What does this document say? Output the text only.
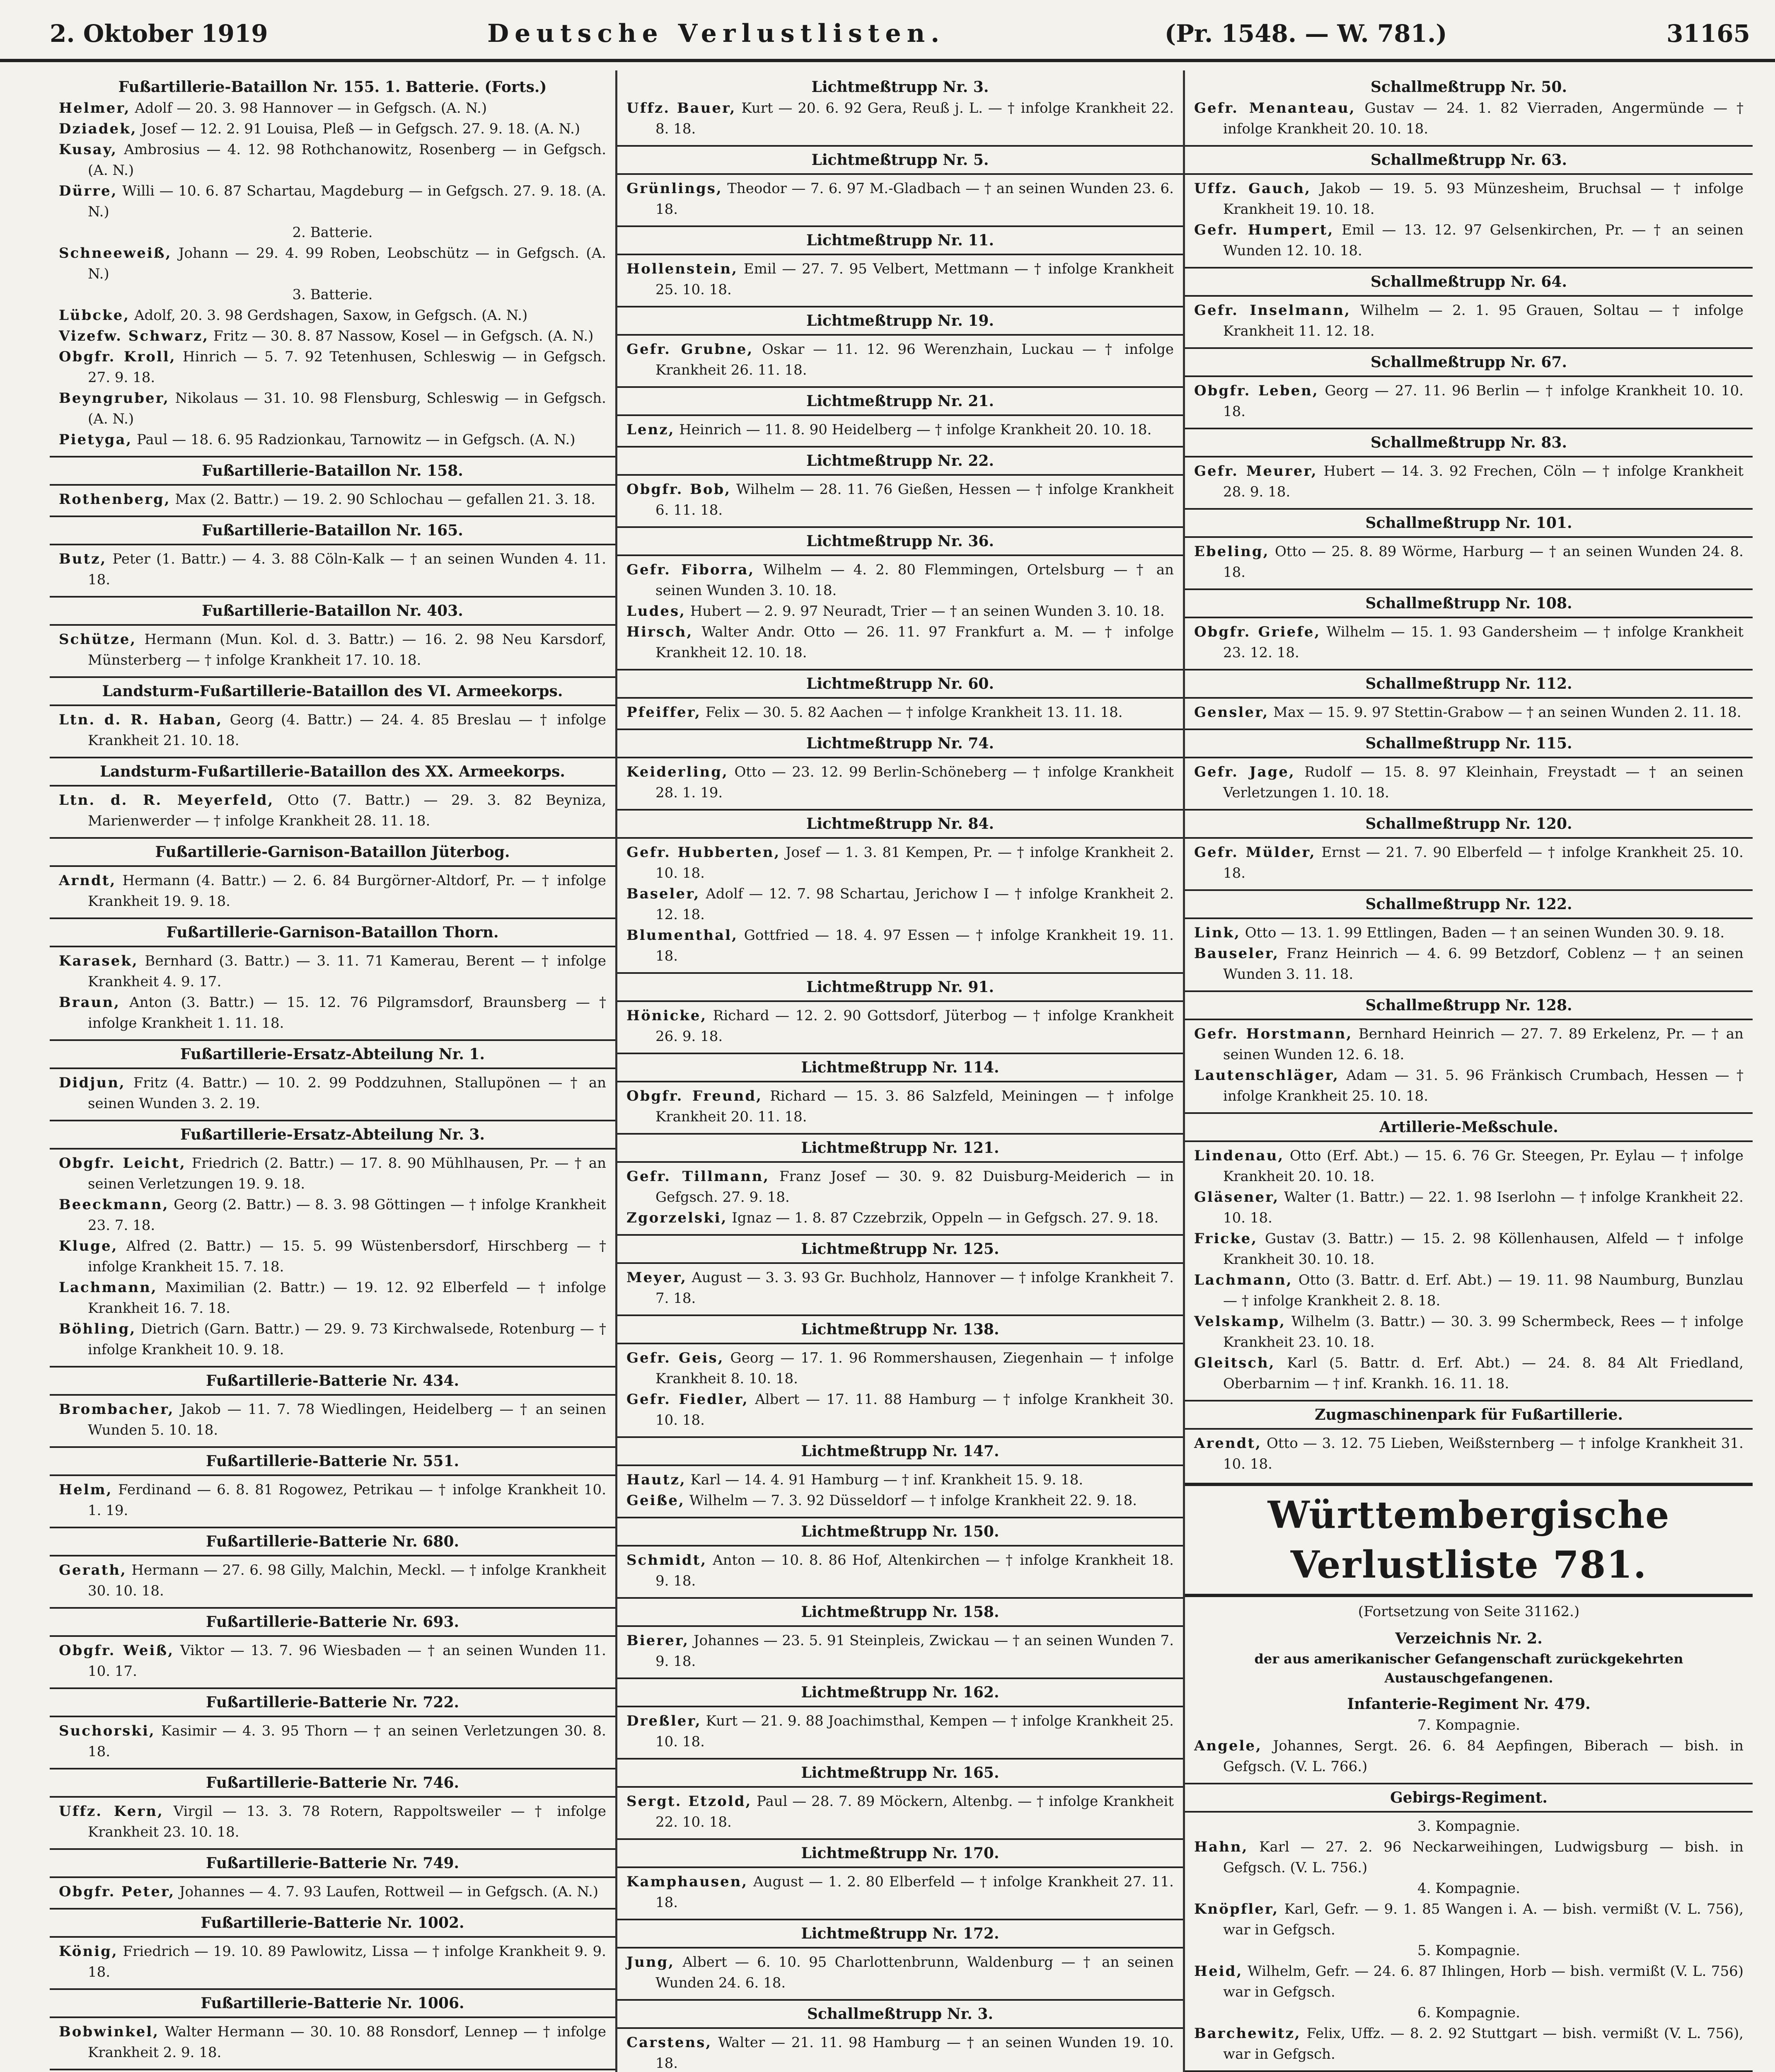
2. Oktober 1919	Deutsche Verlustlisten.	(Pr. 1548. — W. 781.)	31165
Fußartillerie-Bataillon Nr. 155. 1. Batterie. (Forts.)
Helmer, Adolf — 20. 3. 98 Hannover — in Gefgsch. (A. N.)
Dziadek, Josef — 12. 2. 91 Louisa, Pleß — in Gefgsch. 27. 9. 18. (A. N.)
Kusay, Ambrosius — 4. 12. 98 Rothchanowitz, Rosenberg — in Gefgsch. (A. N.)
Dürre, Willi — 10. 6. 87 Schartau, Magdeburg — in Gefgsch. 27. 9. 18. (A. N.)
2. Batterie.
Schneeweiß, Johann — 29. 4. 99 Roben, Leobschütz — in Gefgsch. (A. N.)
3. Batterie.
Lübcke, Adolf, 20. 3. 98 Gerdshagen, Saxow, in Gefgsch. (A. N.)
Vizefw. Schwarz, Fritz — 30. 8. 87 Nassow, Kosel — in Gefgsch. (A. N.)
Obgfr. Kroll, Hinrich — 5. 7. 92 Tetenhusen, Schleswig — in Gefgsch. 27. 9. 18.
Beyngruber, Nikolaus — 31. 10. 98 Flensburg, Schleswig — in Gefgsch. (A. N.)
Pietyga, Paul — 18. 6. 95 Radzionkau, Tarnowitz — in Gefgsch. (A. N.)
Fußartillerie-Bataillon Nr. 158.
Rothenberg, Max (2. Battr.) — 19. 2. 90 Schlochau — gefallen 21. 3. 18.
Fußartillerie-Bataillon Nr. 165.
Butz, Peter (1. Battr.) — 4. 3. 88 Cöln-Kalk — † an seinen Wunden 4. 11. 18.
Fußartillerie-Bataillon Nr. 403.
Schütze, Hermann (Mun. Kol. d. 3. Battr.) — 16. 2. 98 Neu Karsdorf, Münsterberg — † infolge Krankheit 17. 10. 18.
Landsturm-Fußartillerie-Bataillon des VI. Armeekorps.
Ltn. d. R. Haban, Georg (4. Battr.) — 24. 4. 85 Breslau — † infolge Krankheit 21. 10. 18.
Landsturm-Fußartillerie-Bataillon des XX. Armeekorps.
Ltn. d. R. Meyerfeld, Otto (7. Battr.) — 29. 3. 82 Beyniza, Marienwerder — † infolge Krankheit 28. 11. 18.
Fußartillerie-Garnison-Bataillon Jüterbog.
Arndt, Hermann (4. Battr.) — 2. 6. 84 Burgörner-Altdorf, Pr. — † infolge Krankheit 19. 9. 18.
Fußartillerie-Garnison-Bataillon Thorn.
Karasek, Bernhard (3. Battr.) — 3. 11. 71 Kamerau, Berent — † infolge Krankheit 4. 9. 17.
Braun, Anton (3. Battr.) — 15. 12. 76 Pilgramsdorf, Braunsberg — † infolge Krankheit 1. 11. 18.
Fußartillerie-Ersatz-Abteilung Nr. 1.
Didjun, Fritz (4. Battr.) — 10. 2. 99 Poddzuhnen, Stallupönen — † an seinen Wunden 3. 2. 19.
Fußartillerie-Ersatz-Abteilung Nr. 3.
Obgfr. Leicht, Friedrich (2. Battr.) — 17. 8. 90 Mühlhausen, Pr. — † an seinen Verletzungen 19. 9. 18.
Beeckmann, Georg (2. Battr.) — 8. 3. 98 Göttingen — † infolge Krankheit 23. 7. 18.
Kluge, Alfred (2. Battr.) — 15. 5. 99 Wüstenbersdorf, Hirschberg — † infolge Krankheit 15. 7. 18.
Lachmann, Maximilian (2. Battr.) — 19. 12. 92 Elberfeld — † infolge Krankheit 16. 7. 18.
Böhling, Dietrich (Garn. Battr.) — 29. 9. 73 Kirchwalsede, Rotenburg — † infolge Krankheit 10. 9. 18.
Fußartillerie-Batterie Nr. 434.
Brombacher, Jakob — 11. 7. 78 Wiedlingen, Heidelberg — † an seinen Wunden 5. 10. 18.
Fußartillerie-Batterie Nr. 551.
Helm, Ferdinand — 6. 8. 81 Rogowez, Petrikau — † infolge Krankheit 10. 1. 19.
Fußartillerie-Batterie Nr. 680.
Gerath, Hermann — 27. 6. 98 Gilly, Malchin, Meckl. — † infolge Krankheit 30. 10. 18.
Fußartillerie-Batterie Nr. 693.
Obgfr. Weiß, Viktor — 13. 7. 96 Wiesbaden — † an seinen Wunden 11. 10. 17.
Fußartillerie-Batterie Nr. 722.
Suchorski, Kasimir — 4. 3. 95 Thorn — † an seinen Verletzungen 30. 8. 18.
Fußartillerie-Batterie Nr. 746.
Uffz. Kern, Virgil — 13. 3. 78 Rotern, Rappoltsweiler — † infolge Krankheit 23. 10. 18.
Fußartillerie-Batterie Nr. 749.
Obgfr. Peter, Johannes — 4. 7. 93 Laufen, Rottweil — in Gefgsch. (A. N.)
Fußartillerie-Batterie Nr. 1002.
König, Friedrich — 19. 10. 89 Pawlowitz, Lissa — † infolge Krankheit 9. 9. 18.
Fußartillerie-Batterie Nr. 1006.
Bobwinkel, Walter Hermann — 30. 10. 88 Ronsdorf, Lennep — † infolge Krankheit 2. 9. 18.
Lichtmeßtrupp Nr. 3.
Uffz. Bauer, Kurt — 20. 6. 92 Gera, Reuß j. L. — † infolge Krankheit 22. 8. 18.
Lichtmeßtrupp Nr. 5.
Grünlings, Theodor — 7. 6. 97 M.-Gladbach — † an seinen Wunden 23. 6. 18.
Lichtmeßtrupp Nr. 11.
Hollenstein, Emil — 27. 7. 95 Velbert, Mettmann — † infolge Krankheit 25. 10. 18.
Lichtmeßtrupp Nr. 19.
Gefr. Grubne, Oskar — 11. 12. 96 Werenzhain, Luckau — † infolge Krankheit 26. 11. 18.
Lichtmeßtrupp Nr. 21.
Lenz, Heinrich — 11. 8. 90 Heidelberg — † infolge Krankheit 20. 10. 18.
Lichtmeßtrupp Nr. 22.
Obgfr. Bob, Wilhelm — 28. 11. 76 Gießen, Hessen — † infolge Krankheit 6. 11. 18.
Lichtmeßtrupp Nr. 36.
Gefr. Fiborra, Wilhelm — 4. 2. 80 Flemmingen, Ortelsburg — † an seinen Wunden 3. 10. 18.
Ludes, Hubert — 2. 9. 97 Neuradt, Trier — † an seinen Wunden 3. 10. 18.
Hirsch, Walter Andr. Otto — 26. 11. 97 Frankfurt a. M. — † infolge Krankheit 12. 10. 18.
Lichtmeßtrupp Nr. 60.
Pfeiffer, Felix — 30. 5. 82 Aachen — † infolge Krankheit 13. 11. 18.
Lichtmeßtrupp Nr. 74.
Keiderling, Otto — 23. 12. 99 Berlin-Schöneberg — † infolge Krankheit 28. 1. 19.
Lichtmeßtrupp Nr. 84.
Gefr. Hubberten, Josef — 1. 3. 81 Kempen, Pr. — † infolge Krankheit 2. 10. 18.
Baseler, Adolf — 12. 7. 98 Schartau, Jerichow I — † infolge Krankheit 2. 12. 18.
Blumenthal, Gottfried — 18. 4. 97 Essen — † infolge Krankheit 19. 11. 18.
Lichtmeßtrupp Nr. 91.
Hönicke, Richard — 12. 2. 90 Gottsdorf, Jüterbog — † infolge Krankheit 26. 9. 18.
Lichtmeßtrupp Nr. 114.
Obgfr. Freund, Richard — 15. 3. 86 Salzfeld, Meiningen — † infolge Krankheit 20. 11. 18.
Lichtmeßtrupp Nr. 121.
Gefr. Tillmann, Franz Josef — 30. 9. 82 Duisburg-Meiderich — in Gefgsch. 27. 9. 18.
Zgorzelski, Ignaz — 1. 8. 87 Czzebrzik, Oppeln — in Gefgsch. 27. 9. 18.
Lichtmeßtrupp Nr. 125.
Meyer, August — 3. 3. 93 Gr. Buchholz, Hannover — † infolge Krankheit 7. 7. 18.
Lichtmeßtrupp Nr. 138.
Gefr. Geis, Georg — 17. 1. 96 Rommershausen, Ziegenhain — † infolge Krankheit 8. 10. 18.
Gefr. Fiedler, Albert — 17. 11. 88 Hamburg — † infolge Krankheit 30. 10. 18.
Lichtmeßtrupp Nr. 147.
Hautz, Karl — 14. 4. 91 Hamburg — † inf. Krankheit 15. 9. 18.
Geiße, Wilhelm — 7. 3. 92 Düsseldorf — † infolge Krankheit 22. 9. 18.
Lichtmeßtrupp Nr. 150.
Schmidt, Anton — 10. 8. 86 Hof, Altenkirchen — † infolge Krankheit 18. 9. 18.
Lichtmeßtrupp Nr. 158.
Bierer, Johannes — 23. 5. 91 Steinpleis, Zwickau — † an seinen Wunden 7. 9. 18.
Lichtmeßtrupp Nr. 162.
Dreßler, Kurt — 21. 9. 88 Joachimsthal, Kempen — † infolge Krankheit 25. 10. 18.
Lichtmeßtrupp Nr. 165.
Sergt. Etzold, Paul — 28. 7. 89 Möckern, Altenbg. — † infolge Krankheit 22. 10. 18.
Lichtmeßtrupp Nr. 170.
Kamphausen, August — 1. 2. 80 Elberfeld — † infolge Krankheit 27. 11. 18.
Lichtmeßtrupp Nr. 172.
Jung, Albert — 6. 10. 95 Charlottenbrunn, Waldenburg — † an seinen Wunden 24. 6. 18.
Schallmeßtrupp Nr. 3.
Carstens, Walter — 21. 11. 98 Hamburg — † an seinen Wunden 19. 10. 18.
Schallmeßtrupp Nr. 50.
Gefr. Menanteau, Gustav — 24. 1. 82 Vierraden, Angermünde — † infolge Krankheit 20. 10. 18.
Schallmeßtrupp Nr. 63.
Uffz. Gauch, Jakob — 19. 5. 93 Münzesheim, Bruchsal — † infolge Krankheit 19. 10. 18.
Gefr. Humpert, Emil — 13. 12. 97 Gelsenkirchen, Pr. — † an seinen Wunden 12. 10. 18.
Schallmeßtrupp Nr. 64.
Gefr. Inselmann, Wilhelm — 2. 1. 95 Grauen, Soltau — † infolge Krankheit 11. 12. 18.
Schallmeßtrupp Nr. 67.
Obgfr. Leben, Georg — 27. 11. 96 Berlin — † infolge Krankheit 10. 10. 18.
Schallmeßtrupp Nr. 83.
Gefr. Meurer, Hubert — 14. 3. 92 Frechen, Cöln — † infolge Krankheit 28. 9. 18.
Schallmeßtrupp Nr. 101.
Ebeling, Otto — 25. 8. 89 Wörme, Harburg — † an seinen Wunden 24. 8. 18.
Schallmeßtrupp Nr. 108.
Obgfr. Griefe, Wilhelm — 15. 1. 93 Gandersheim — † infolge Krankheit 23. 12. 18.
Schallmeßtrupp Nr. 112.
Gensler, Max — 15. 9. 97 Stettin-Grabow — † an seinen Wunden 2. 11. 18.
Schallmeßtrupp Nr. 115.
Gefr. Jage, Rudolf — 15. 8. 97 Kleinhain, Freystadt — † an seinen Verletzungen 1. 10. 18.
Schallmeßtrupp Nr. 120.
Gefr. Mülder, Ernst — 21. 7. 90 Elberfeld — † infolge Krankheit 25. 10. 18.
Schallmeßtrupp Nr. 122.
Link, Otto — 13. 1. 99 Ettlingen, Baden — † an seinen Wunden 30. 9. 18.
Bauseler, Franz Heinrich — 4. 6. 99 Betzdorf, Coblenz — † an seinen Wunden 3. 11. 18.
Schallmeßtrupp Nr. 128.
Gefr. Horstmann, Bernhard Heinrich — 27. 7. 89 Erkelenz, Pr. — † an seinen Wunden 12. 6. 18.
Lautenschläger, Adam — 31. 5. 96 Fränkisch Crumbach, Hessen — † infolge Krankheit 25. 10. 18.
Artillerie-Meßschule.
Lindenau, Otto (Erf. Abt.) — 15. 6. 76 Gr. Steegen, Pr. Eylau — † infolge Krankheit 20. 10. 18.
Gläsener, Walter (1. Battr.) — 22. 1. 98 Iserlohn — † infolge Krankheit 22. 10. 18.
Fricke, Gustav (3. Battr.) — 15. 2. 98 Köllenhausen, Alfeld — † infolge Krankheit 30. 10. 18.
Lachmann, Otto (3. Battr. d. Erf. Abt.) — 19. 11. 98 Naumburg, Bunzlau — † infolge Krankheit 2. 8. 18.
Velskamp, Wilhelm (3. Battr.) — 30. 3. 99 Schermbeck, Rees — † infolge Krankheit 23. 10. 18.
Gleitsch, Karl (5. Battr. d. Erf. Abt.) — 24. 8. 84 Alt Friedland, Oberbarnim — † inf. Krankh. 16. 11. 18.
Zugmaschinenpark für Fußartillerie.
Arendt, Otto — 3. 12. 75 Lieben, Weißsternberg — † infolge Krankheit 31. 10. 18.
Württembergische Verlustliste 781.
(Fortsetzung von Seite 31162.)
Verzeichnis Nr. 2.
der aus amerikanischer Gefangenschaft zurückgekehrten Austauschgefangenen.
Infanterie-Regiment Nr. 479.
7. Kompagnie.
Angele, Johannes, Sergt. 26. 6. 84 Aepfingen, Biberach — bish. in Gefgsch. (V. L. 766.)
Gebirgs-Regiment.
3. Kompagnie.
Hahn, Karl — 27. 2. 96 Neckarweihingen, Ludwigsburg — bish. in Gefgsch. (V. L. 756.)
4. Kompagnie.
Knöpfler, Karl, Gefr. — 9. 1. 85 Wangen i. A. — bish. vermißt (V. L. 756), war in Gefgsch.
5. Kompagnie.
Heid, Wilhelm, Gefr. — 24. 6. 87 Ihlingen, Horb — bish. vermißt (V. L. 756) war in Gefgsch.
6. Kompagnie.
Barchewitz, Felix, Uffz. — 8. 2. 92 Stuttgart — bish. vermißt (V. L. 756), war in Gefgsch.
